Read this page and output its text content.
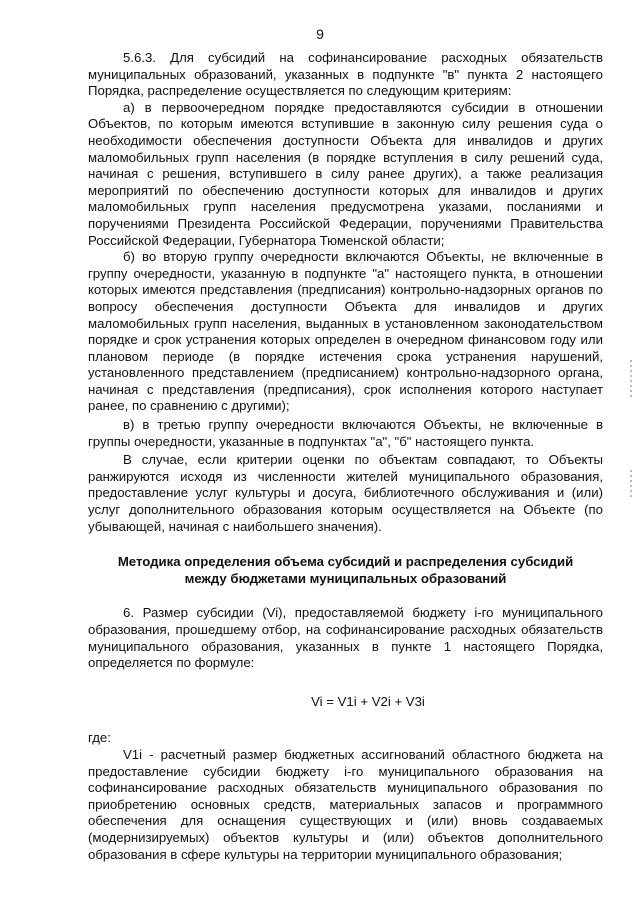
9

5.6.3. Для субсидий на софинансирование расходных обязательств муниципальных образований, указанных в подпункте "в" пункта 2 настоящего Порядка, распределение осуществляется по следующим критериям:

а) в первоочередном порядке предоставляются субсидии в отношении Объектов, по которым имеются вступившие в законную силу решения суда о необходимости обеспечения доступности Объекта для инвалидов и других маломобильных групп населения (в порядке вступления в силу решений суда, начиная с решения, вступившего в силу ранее других), а также реализация мероприятий по обеспечению доступности которых для инвалидов и других маломобильных групп населения предусмотрена указами, посланиями и поручениями Президента Российской Федерации, поручениями Правительства Российской Федерации, Губернатора Тюменской области;

б) во вторую группу очередности включаются Объекты, не включенные в группу очередности, указанную в подпункте "а" настоящего пункта, в отношении которых имеются представления (предписания) контрольно-надзорных органов по вопросу обеспечения доступности Объекта для инвалидов и других маломобильных групп населения, выданных в установленном законодательством порядке и срок устранения которых определен в очередном финансовом году или плановом периоде (в порядке истечения срока устранения нарушений, установленного представлением (предписанием) контрольно-надзорного органа, начиная с представления (предписания), срок исполнения которого наступает ранее, по сравнению с другими);

в) в третью группу очередности включаются Объекты, не включенные в группы очередности, указанные в подпунктах "а", "б" настоящего пункта.

В случае, если критерии оценки по объектам совпадают, то Объекты ранжируются исходя из численности жителей муниципального образования, предоставление услуг культуры и досуга, библиотечного обслуживания и (или) услуг дополнительного образования которым осуществляется на Объекте (по убывающей, начиная с наибольшего значения).

Методика определения объема субсидий и распределения субсидий между бюджетами муниципальных образований

6. Размер субсидии (Vi), предоставляемой бюджету i-го муниципального образования, прошедшему отбор, на софинансирование расходных обязательств муниципального образования, указанных в пункте 1 настоящего Порядка, определяется по формуле:

Vi = V1i + V2i + V3i

где:

V1i - расчетный размер бюджетных ассигнований областного бюджета на предоставление субсидии бюджету i-го муниципального образования на софинансирование расходных обязательств муниципального образования по приобретению основных средств, материальных запасов и программного обеспечения для оснащения существующих и (или) вновь создаваемых (модернизируемых) объектов культуры и (или) объектов дополнительного образования в сфере культуры на территории муниципального образования;
